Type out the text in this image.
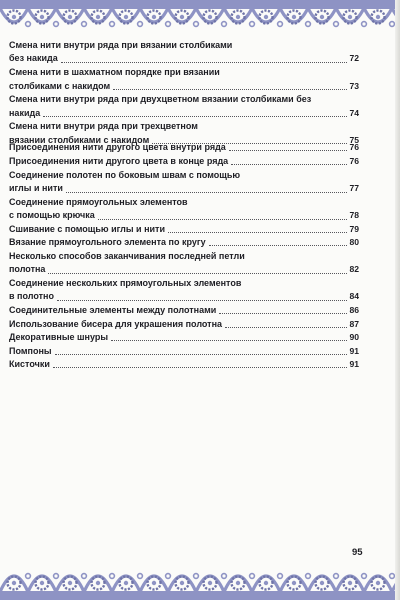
Смена нити внутри ряда при вязании столбиками
без накида	72
Смена нити в шахматном порядке при вязании
столбиками с накидом	73
Смена нити внутри ряда при двухцветном вязании столбиками без
накида	74
Смена нити внутри ряда при трехцветном
вязании столбиками с накидом	75
Присоединения нити другого цвета внутри ряда	76
Присоединения нити другого цвета в конце ряда	76
Соединение полотен по боковым швам с помощью
иглы и нити	77
Соединение прямоугольных элементов
с помощью крючка	78
Сшивание с помощью иглы и нити	79
Вязание прямоугольного элемента по кругу	80
Несколько способов заканчивания последней петли
полотна	82
Соединение нескольких прямоугольных элементов
в полотно	84
Соединительные элементы между полотнами	86
Использование бисера для украшения полотна	87
Декоративные шнуры	90
Помпоны	91
Кисточки	91
95
